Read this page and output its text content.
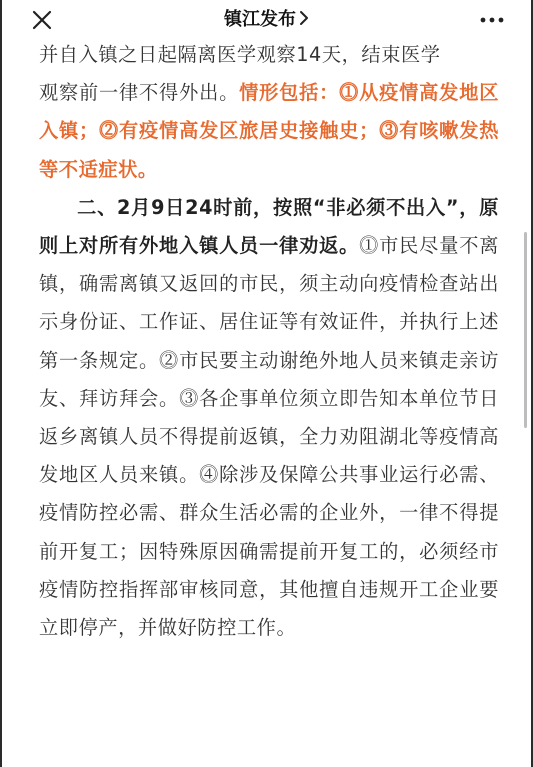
镇江发布

并自入镇之日起隔离医学观察14天，结束医学
观察前一律不得外出。情形包括：⓵从疫情高发地区入镇；⓶有疫情高发区旅居史接触史；⓷有咳嗽发热等不适症状。

二、2月9日24时前，按照“非必须不出入”，原则上对所有外地入镇人员一律劝返。⓵市民尽量不离镇，确需离镇又返回的市民，须主动向疫情检查站出示身份证、工作证、居住证等有效证件，并执行上述第一条规定。⓶市民要主动谢绝外地人员来镇走亲访友、拜访拜会。⓷各企事单位须立即告知本单位节日返乡离镇人员不得提前返镇，全力劝阻湖北等疫情高发地区人员来镇。⓸除涉及保障公共事业运行必需、疫情防控必需、群众生活必需的企业外，一律不得提前开复工；因特殊原因确需提前开复工的，必须经市疫情防控指挥部审核同意，其他擅自违规开工企业要立即停产，并做好防控工作。
